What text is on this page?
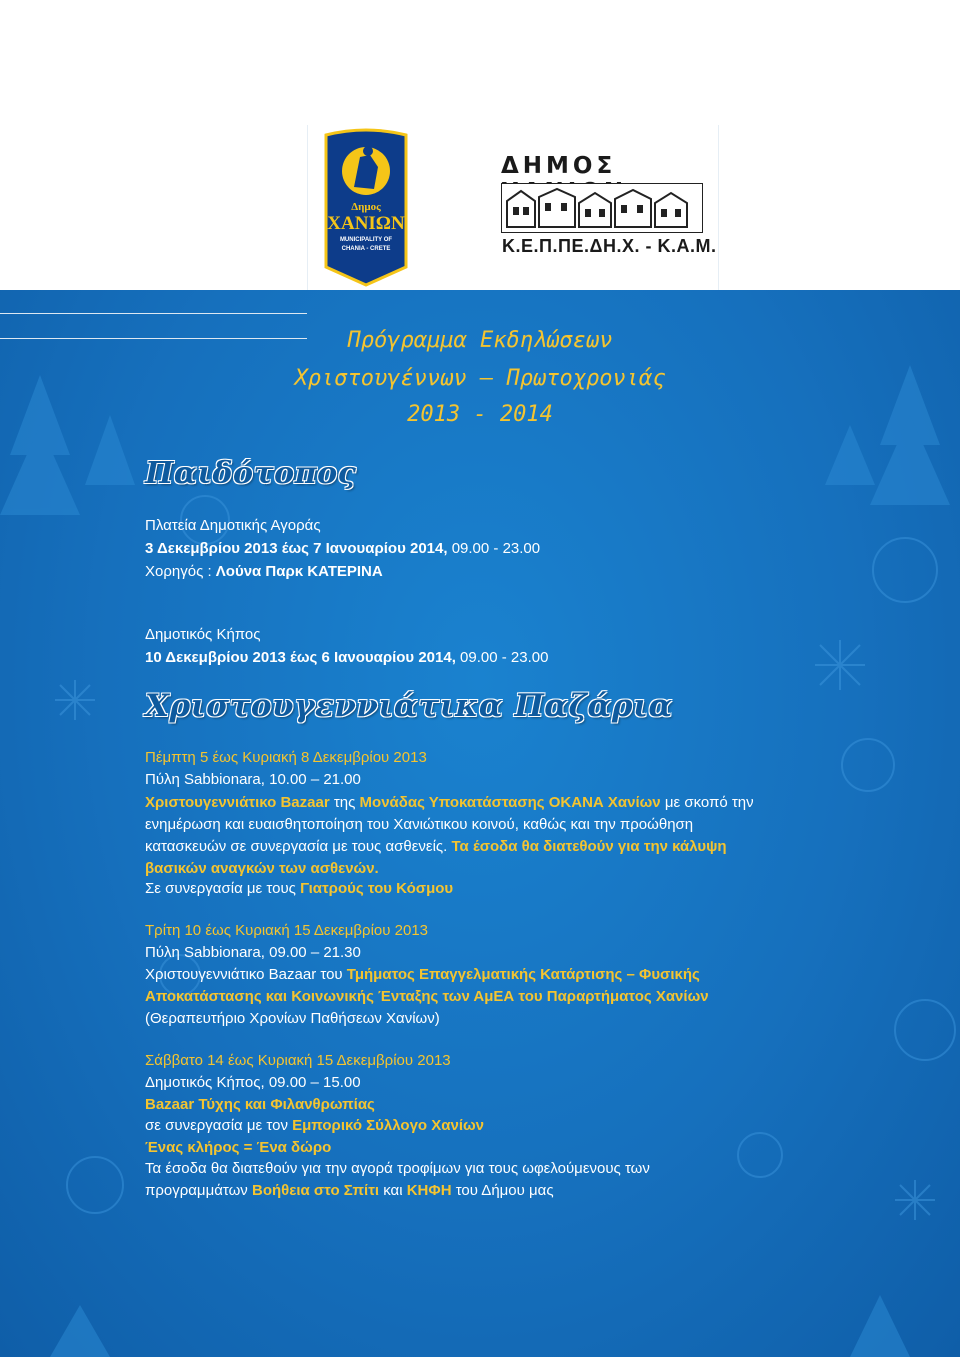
Δημος
ΧΑΝΙΩΝ
MUNICIPALITY OF
CHANIA - CRETE
ΔΗΜΟΣ
Κ.Ε.Π.ΠΕ.ΔΗ.Χ. - Κ.Α.Μ.
Πρόγραμμα Εκδηλώσεων
Χριστουγέννων – Πρωτοχρονιάς
2013 - 2014
Παιδότοπος
Πλατεία Δημοτικής Αγοράς
3 Δεκεμβρίου 2013 έως 7 Ιανουαρίου 2014, 09.00 - 23.00
Χορηγός : Λούνα Παρκ ΚΑΤΕΡΙΝΑ
Δημοτικός Κήπος
10 Δεκεμβρίου 2013 έως 6 Ιανουαρίου 2014, 09.00 - 23.00
Χριστουγεννιάτικα Παζάρια
Πέμπτη 5 έως Κυριακή 8 Δεκεμβρίου 2013
Πύλη Sabbionara, 10.00 – 21.00
Χριστουγεννιάτικο Bazaar της Μονάδας Υποκατάστασης ΟΚΑΝΑ Χανίων με σκοπό την
ενημέρωση και ευαισθητοποίηση του Χανιώτικου κοινού, καθώς και την προώθηση
κατασκευών σε συνεργασία με τους ασθενείς. Τα έσοδα θα διατεθούν για την κάλυψη
βασικών αναγκών των ασθενών.
Σε συνεργασία με τους Γιατρούς του Κόσμου
Τρίτη 10 έως Κυριακή 15 Δεκεμβρίου 2013
Πύλη Sabbionara, 09.00 – 21.30
Χριστουγεννιάτικο Bazaar του Τμήματος Επαγγελματικής Κατάρτισης – Φυσικής
Αποκατάστασης και Κοινωνικής Ένταξης των ΑμΕΑ του Παραρτήματος Χανίων
(Θεραπευτήριο Χρονίων Παθήσεων Χανίων)
Σάββατο 14 έως Κυριακή 15 Δεκεμβρίου 2013
Δημοτικός Κήπος, 09.00 – 15.00
Bazaar Τύχης και Φιλανθρωπίας
σε συνεργασία με τον Εμπορικό Σύλλογο Χανίων
Ένας κλήρος = Ένα δώρο
Τα έσοδα θα διατεθούν για την αγορά τροφίμων για τους ωφελούμενους των
προγραμμάτων Βοήθεια στο Σπίτι και ΚΗΦΗ του Δήμου μας
